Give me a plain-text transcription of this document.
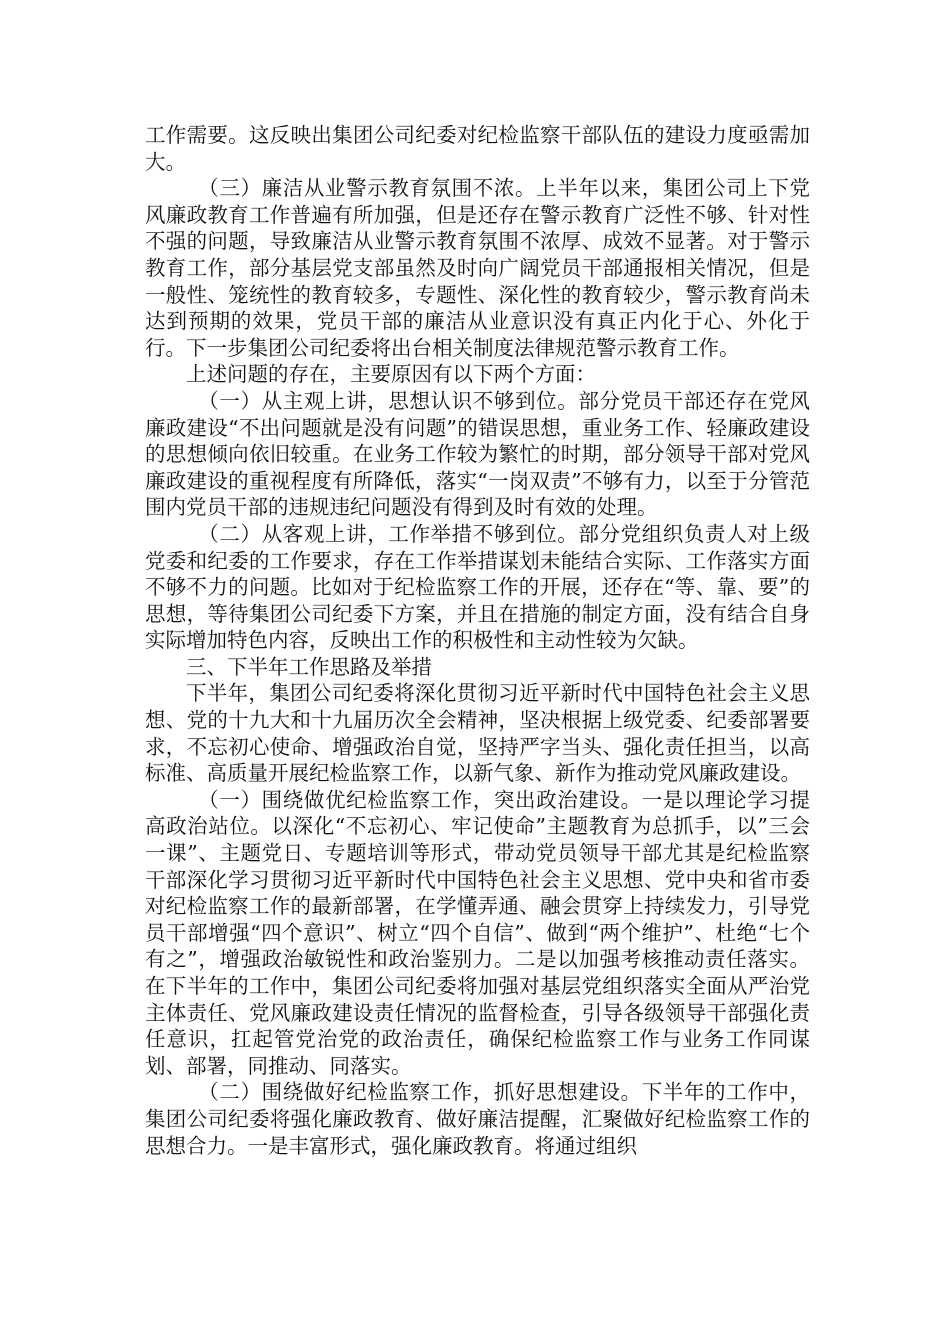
工作需要。这反映出集团公司纪委对纪检监察干部队伍的建设力度亟需加大。

（三）廉洁从业警示教育氛围不浓。上半年以来，集团公司上下党风廉政教育工作普遍有所加强，但是还存在警示教育广泛性不够、针对性不强的问题，导致廉洁从业警示教育氛围不浓厚、成效不显著。对于警示教育工作，部分基层党支部虽然及时向广阔党员干部通报相关情况，但是一般性、笼统性的教育较多，专题性、深化性的教育较少，警示教育尚未达到预期的效果，党员干部的廉洁从业意识没有真正内化于心、外化于行。下一步集团公司纪委将出台相关制度法律规范警示教育工作。

上述问题的存在，主要原因有以下两个方面：

（一）从主观上讲，思想认识不够到位。部分党员干部还存在党风廉政建设“不出问题就是没有问题”的错误思想，重业务工作、轻廉政建设的思想倾向依旧较重。在业务工作较为繁忙的时期，部分领导干部对党风廉政建设的重视程度有所降低，落实“一岗双责”不够有力，以至于分管范围内党员干部的违规违纪问题没有得到及时有效的处理。

（二）从客观上讲，工作举措不够到位。部分党组织负责人对上级党委和纪委的工作要求，存在工作举措谋划未能结合实际、工作落实方面不够不力的问题。比如对于纪检监察工作的开展，还存在“等、靠、要”的思想，等待集团公司纪委下方案，并且在措施的制定方面，没有结合自身实际增加特色内容，反映出工作的积极性和主动性较为欠缺。

三、下半年工作思路及举措

下半年，集团公司纪委将深化贯彻习近平新时代中国特色社会主义思想、党的十九大和十九届历次全会精神，坚决根据上级党委、纪委部署要求，不忘初心使命、增强政治自觉，坚持严字当头、强化责任担当，以高标准、高质量开展纪检监察工作，以新气象、新作为推动党风廉政建设。

（一）围绕做优纪检监察工作，突出政治建设。一是以理论学习提高政治站位。以深化“不忘初心、牢记使命”主题教育为总抓手，以”三会一课”、主题党日、专题培训等形式，带动党员领导干部尤其是纪检监察干部深化学习贯彻习近平新时代中国特色社会主义思想、党中央和省市委对纪检监察工作的最新部署，在学懂弄通、融会贯穿上持续发力，引导党员干部增强“四个意识”、树立“四个自信”、做到“两个维护”、杜绝“七个有之”，增强政治敏锐性和政治鉴别力。二是以加强考核推动责任落实。在下半年的工作中，集团公司纪委将加强对基层党组织落实全面从严治党主体责任、党风廉政建设责任情况的监督检查，引导各级领导干部强化责任意识，扛起管党治党的政治责任，确保纪检监察工作与业务工作同谋划、部署，同推动、同落实。

（二）围绕做好纪检监察工作，抓好思想建设。下半年的工作中，集团公司纪委将强化廉政教育、做好廉洁提醒，汇聚做好纪检监察工作的思想合力。一是丰富形式，强化廉政教育。将通过组织
